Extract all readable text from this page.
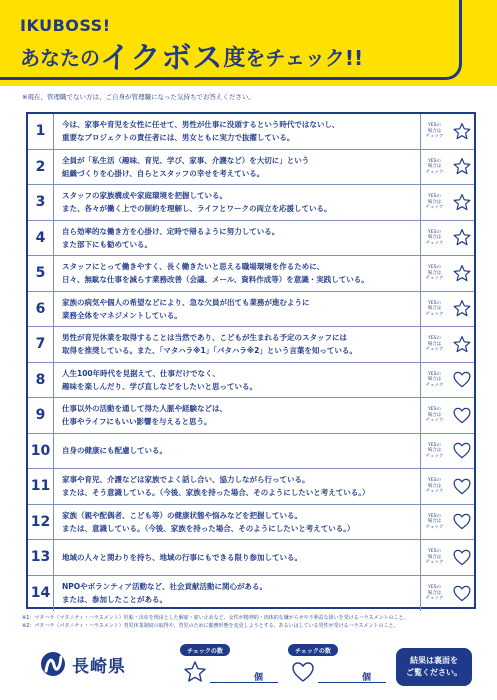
IKUBOSS!
あなたのイクボス度をチェック!!
※現在、管理職でない方は、ご自身が管理職になった気持ちでお答えください。
1	今は、家事や育児を女性に任せて、男性が仕事に没頭するという時代ではないし、
重要なプロジェクトの責任者には、男女ともに実力で抜擢している。
YESの
場合は
チェック
2	全員が「私生活（趣味、育児、学び、家事、介護など）を大切に」という
組織づくりを心掛け、自らとスタッフの幸せを考えている。
YESの
場合は
チェック
3	スタッフの家族構成や家庭環境を把握している。
また、各々が働く上での制約を理解し、ライフとワークの両立を応援している。
YESの
場合は
チェック
4	自ら効率的な働き方を心掛け、定時で帰るように努力している。
また部下にも勧めている。
YESの
場合は
チェック
5	スタッフにとって働きやすく、長く働きたいと思える職場環境を作るために、
日々、無駄な仕事を減らす業務改善（会議、メール、資料作成等）を意識・実践している。
YESの
場合は
チェック
6	家族の病気や個人の希望などにより、急な欠員が出ても業務が進むように
業務全体をマネジメントしている。
YESの
場合は
チェック
7	男性が育児休業を取得することは当然であり、こどもが生まれる予定のスタッフには
取得を推奨している。また、「マタハラ※1」「パタハラ※2」という言葉を知っている。
YESの
場合は
チェック
8	人生100年時代を見据えて、仕事だけでなく、
趣味を楽しんだり、学び直しなどをしたいと思っている。
YESの
場合は
チェック
9	仕事以外の活動を通して得た人脈や経験などは、
仕事やライフにもいい影響を与えると思う。
YESの
場合は
チェック
10	自身の健康にも配慮している。
YESの
場合は
チェック
11	家事や育児、介護などは家族でよく話し合い、協力しながら行っている。
または、そう意識している。（今後、家族を持った場合、そのようにしたいと考えている。）
YESの
場合は
チェック
12	家族（親や配偶者、こども等）の健康状態や悩みなどを把握している。
または、意識している。（今後、家族を持った場合、そのようにしたいと考えている。）
YESの
場合は
チェック
13	地域の人々と関わりを持ち、地域の行事にもできる限り参加している。
YESの
場合は
チェック
14	NPOやボランティア活動など、社会貢献活動に関心がある。
または、参加したことがある。
YESの
場合は
チェック
※1：マタハラ（マタニティ・ハラスメント）妊娠・出産を理由とした解雇・雇い止めなど、女性が精神的・肉体的な嫌がらせや不利益な扱いを受けるハラスメントのこと。
※2：パタハラ（パタニティ・ハラスメント）育児休業制度の取得や、育児のために勤務形態を変更しようとする、あるいはしている男性が受けるハラスメントのこと。
長崎県
チェックの数
個
チェックの数
個
結果は裏面を
ご覧ください。
